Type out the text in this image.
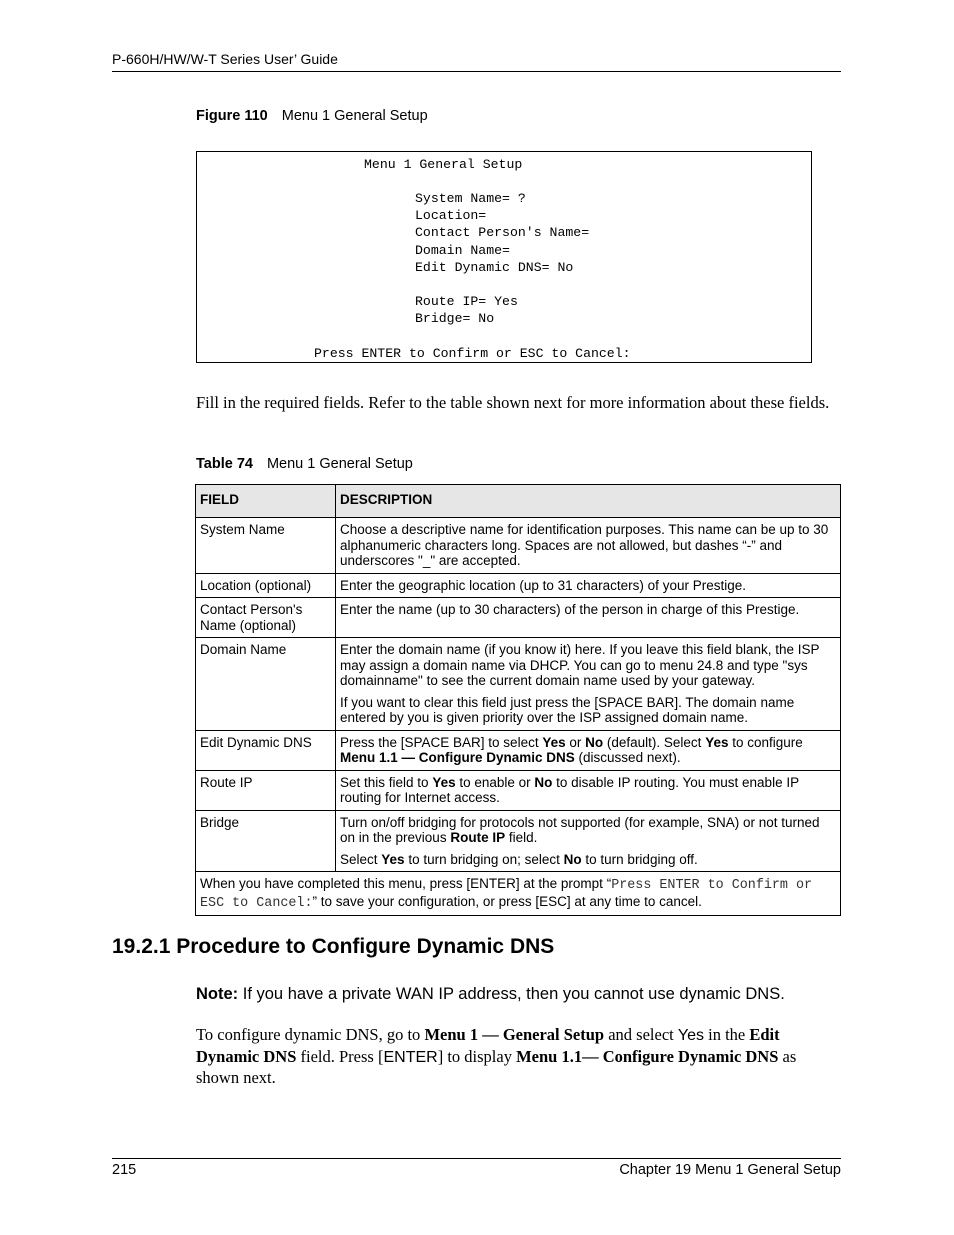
P-660H/HW/W-T Series User’ Guide
Figure 110 Menu 1 General Setup
Menu 1 General Setup
System Name= ?
Location=
Contact Person's Name=
Domain Name=
Edit Dynamic DNS= No
Route IP= Yes
Bridge= No
Press ENTER to Confirm or ESC to Cancel:
Fill in the required fields. Refer to the table shown next for more information about these fields.
Table 74 Menu 1 General Setup
FIELD	DESCRIPTION
System Name	Choose a descriptive name for identification purposes. This name can be up to 30 alphanumeric characters long. Spaces are not allowed, but dashes “-” and underscores "_" are accepted.
Location (optional)	Enter the geographic location (up to 31 characters) of your Prestige.
Contact Person's Name (optional)	Enter the name (up to 30 characters) of the person in charge of this Prestige.
Domain Name	Enter the domain name (if you know it) here. If you leave this field blank, the ISP may assign a domain name via DHCP. You can go to menu 24.8 and type "sys domainname" to see the current domain name used by your gateway.

If you want to clear this field just press the [SPACE BAR]. The domain name entered by you is given priority over the ISP assigned domain name.

Edit Dynamic DNS	Press the [SPACE BAR] to select Yes or No (default). Select Yes to configure Menu 1.1 — Configure Dynamic DNS (discussed next).
Route IP	Set this field to Yes to enable or No to disable IP routing. You must enable IP routing for Internet access.
Bridge	Turn on/off bridging for protocols not supported (for example, SNA) or not turned on in the previous Route IP field.

Select Yes to turn bridging on; select No to turn bridging off.

When you have completed this menu, press [ENTER] at the prompt “Press ENTER to Confirm or ESC to Cancel:” to save your configuration, or press [ESC] at any time to cancel.	
19.2.1 Procedure to Configure Dynamic DNS
Note: If you have a private WAN IP address, then you cannot use dynamic DNS.
To configure dynamic DNS, go to Menu 1 — General Setup and select Yes in the Edit Dynamic DNS field. Press [ENTER] to display Menu 1.1— Configure Dynamic DNS as shown next.
215	Chapter 19 Menu 1 General Setup
